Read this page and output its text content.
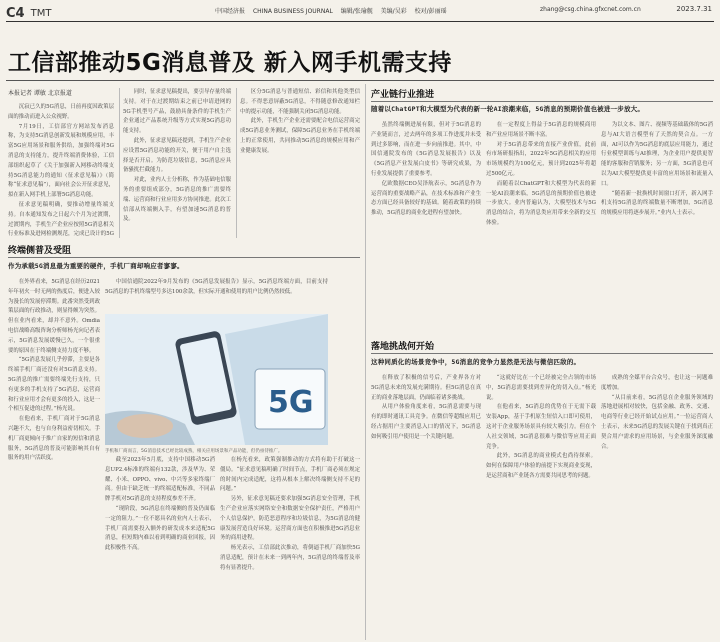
C4 TMT	中国经济报 CHINA BUSINESS JOURNAL 编辑/张瑜舰 美编/吴彩 校对/彭丽瑶	zhang@csg.china.gfxcnet.com.cn	2023.7.31
工信部推动5G消息普及 新入网手机需支持
本报记者 谭敏 北京报道

沉寂已久的5G消息，日前再度因政策层面的推动而进入公众视野。

7月19日，工信部官方网站发布消息称，为支持5G消息创新发展和规模应用，丰富5G应用场景和服务供给，加强终端对5G消息的支持能力，提升终端消费体验，工信部组织起草了《关于加强新入网移动终端支持5G消息能力的通知（征求意见稿）》（简称“征求意见稿”），面向社会公开征求意见，拟在新入网手机上部署5G消息功能。

征求意见稿明确，要推动增量终端支持。自本通知发布之日起六个月为过渡期，过渡期内，手机生产企业应按照5G消息相关行业标准及进网检测规范，完成已设计的5G

同时，征求意见稿提出，要引导存量终端支持。对于在过渡期结束之前已申请进网的5G手机型号产品，鼓励具备条件的手机生产企业通过产品系统升级等方式实现5G消息功能支持。

此外，征求意见稿还提到，手机生产企业应设置5G消息功能的开关，便于用户自主选择是否开启。为防范垃圾信息，5G消息应具备骚扰拦截能力。

对此，业内人士分析称，作为基础电信服务的重要组成部分，5G消息的推广需要终端、运营商和行业应用多方协同推进。此次工信部从终端侧入手，有望加速5G消息的普及。

区分5G消息与普通短信、彩信和其他类型信息。不得恶意屏蔽5G消息，不得随意修改通知栏中的提示功能，不能强制关闭5G消息功能。

此外，手机生产企业还需要配合电信运营商完成5G消息业务测试，保障5G消息业务在手机终端上的正常使用，共同推动5G消息的规模应用和产业健康发展。

终端侧普及受阻
作为承载5G消息最为重要的硬件，手机厂商却响应者寥寥。

在外界看来，5G消息在经历2021年年初火一时无两的热度后，便进入较为漫长的发展停滞期。此番突然受到政策层面的行政推动，则显得颇为突然。但在业内看来，却并不意外。Omdia电信战略高级咨询分析师杨光向记者表示，5G消息发展缓慢已久，一个很重要的原因在于终端侧支持力度不够。

“5G消息发展几乎停滞，主要是各终端手机厂商还没有对5G消息支持。5G消息的推广需要终端先行支持，只有更多的手机支持了5G消息，运营商和行业应用才会有更多的投入，这是一个相互促进的过程。”杨光说。

在他看来，手机厂商对于5G消息兴趣不大，也与自身利益密切相关。手机厂商更倾向于推广自家的短信和消息服务，5G消息的普及可能影响其自有服务的用户活跃度。

中国信通院2022年9月发布的《5G消息发展报告》显示，5G消息终端方面，目前支持5G消息的手机终端型号多达100余款，但实际开通和使用的用户比例仍然较低。

5G
手机和厂商而言，5G消息技术已经比较成熟，相关应用场景和产品功能，但仍亟待推广。

截至2023年5月底，支持中国移动5G消息UP2.4标准的终端有132款，涉及华为、荣耀、小米、OPPO、vivo、中兴等多家终端厂商。但由于缺乏统一的终端适配标准，不同品牌手机对5G消息的支持程度参差不齐。

“现阶段，5G消息在终端侧的普及仍面临一定的阻力。”一位不愿具名的业内人士表示，手机厂商需要投入额外的研发成本来适配5G消息，但短期内难以看到明确的商业回报，因此积极性不高。

在杨光看来，政策强制推动的方式将有助于打破这一僵局。“征求意见稿明确了时间节点，手机厂商必须在规定的时间内完成适配，这将从根本上解决终端侧支持不足的问题。”

另外，征求意见稿还要求加强5G消息安全管理，手机生产企业应落实网络安全和数据安全保护责任，严格用户个人信息保护，防范恶意程序和垃圾信息，为5G消息的健康发展营造良好环境。运营商方面也在积极推进5G消息业务的商用进程。

杨光表示，工信部此次推动，将倒逼手机厂商加快5G消息适配，预计在未来一到两年内，5G消息的终端普及率将有显著提升。

产业链行业推进
随着以ChatGPT和大模型为代表的新一轮AI浪潮来临，5G消息的预期价值也被进一步放大。

虽然终端侧进展有限，但对于5G消息的产业链而言，过去两年的多项工作进度并未受到过多影响，而在进一步向前推进。其中，中国信通院发布的《5G消息发展报告》以及《5G消息产业发展白皮书》等研究成果，为行业发展提供了重要参考。

亿欧数据CEO吴泽航表示，5G消息作为运营商的重要战略产品，在技术标准和产业生态方面已经具备较好的基础。随着政策的持续推动，5G消息的商业化进程有望加快。

在一定程度上得益于5G消息的规模商用和产业应用场景不断丰富。

对于5G消息带来的直接产业价值，此前有市场研报指出，2022年5G消息相关的应用市场规模约为100亿元，预计到2025年将超过500亿元。

而随着以ChatGPT和大模型为代表的新一轮AI浪潮来临，5G消息的预期价值也被进一步放大。业内普遍认为，大模型技术与5G消息的结合，将为消息类应用带来全新的交互体验。

为以文本、图片、视频等基础载体的5G消息与AI大语言模型有了天然的契合点。一方面，AI可以作为5G消息的底层应用能力，通过行业模型训练与AI推理，为企业用户提供更智能的客服和营销服务；另一方面，5G消息也可以为AI大模型提供更丰富的应用场景和流量入口。

“随着新一批换机时间窗口打开，新入网手机支持5G消息的终端数量不断增加，5G消息的规模应用将逐步展开。”业内人士表示。

落地挑战何开始
这种同质化的场景竞争中，5G消息的竞争力显然是无法与微信匹敌的。

在释放了积极的信号后，产业界各方对5G消息未来的发展充满期待。但5G消息在真正的商业落地层面，仍面临着诸多挑战。

从用户体验角度来看，5G消息需要与现有的即时通讯工具竞争。在微信等超级应用已经占据用户主要消息入口的情况下，5G消息如何吸引用户使用是一个关键问题。

“这就好比在一个已经被完全占领的市场中，5G消息需要找到差异化的切入点。”杨光说。

在他看来，5G消息的优势在于无需下载安装App，基于手机原生短信入口即可使用，这对于企业服务场景具有较大吸引力。但在个人社交领域，5G消息很难与微信等应用正面竞争。

此外，5G消息的商业模式也尚待探索。如何在保障用户体验的前提下实现商业变现，是运营商和产业链各方需要共同思考的问题。

成熟的全媒平台合众号，也让这一问题难度增加。

“从目前来看，5G消息在企业服务领域的落地进展相对较快，包括金融、政务、交通、电商等行业已经开始试点应用。”一位运营商人士表示，未来5G消息的发展关键在于找到真正契合用户需求的应用场景，与企业服务深度融合。
